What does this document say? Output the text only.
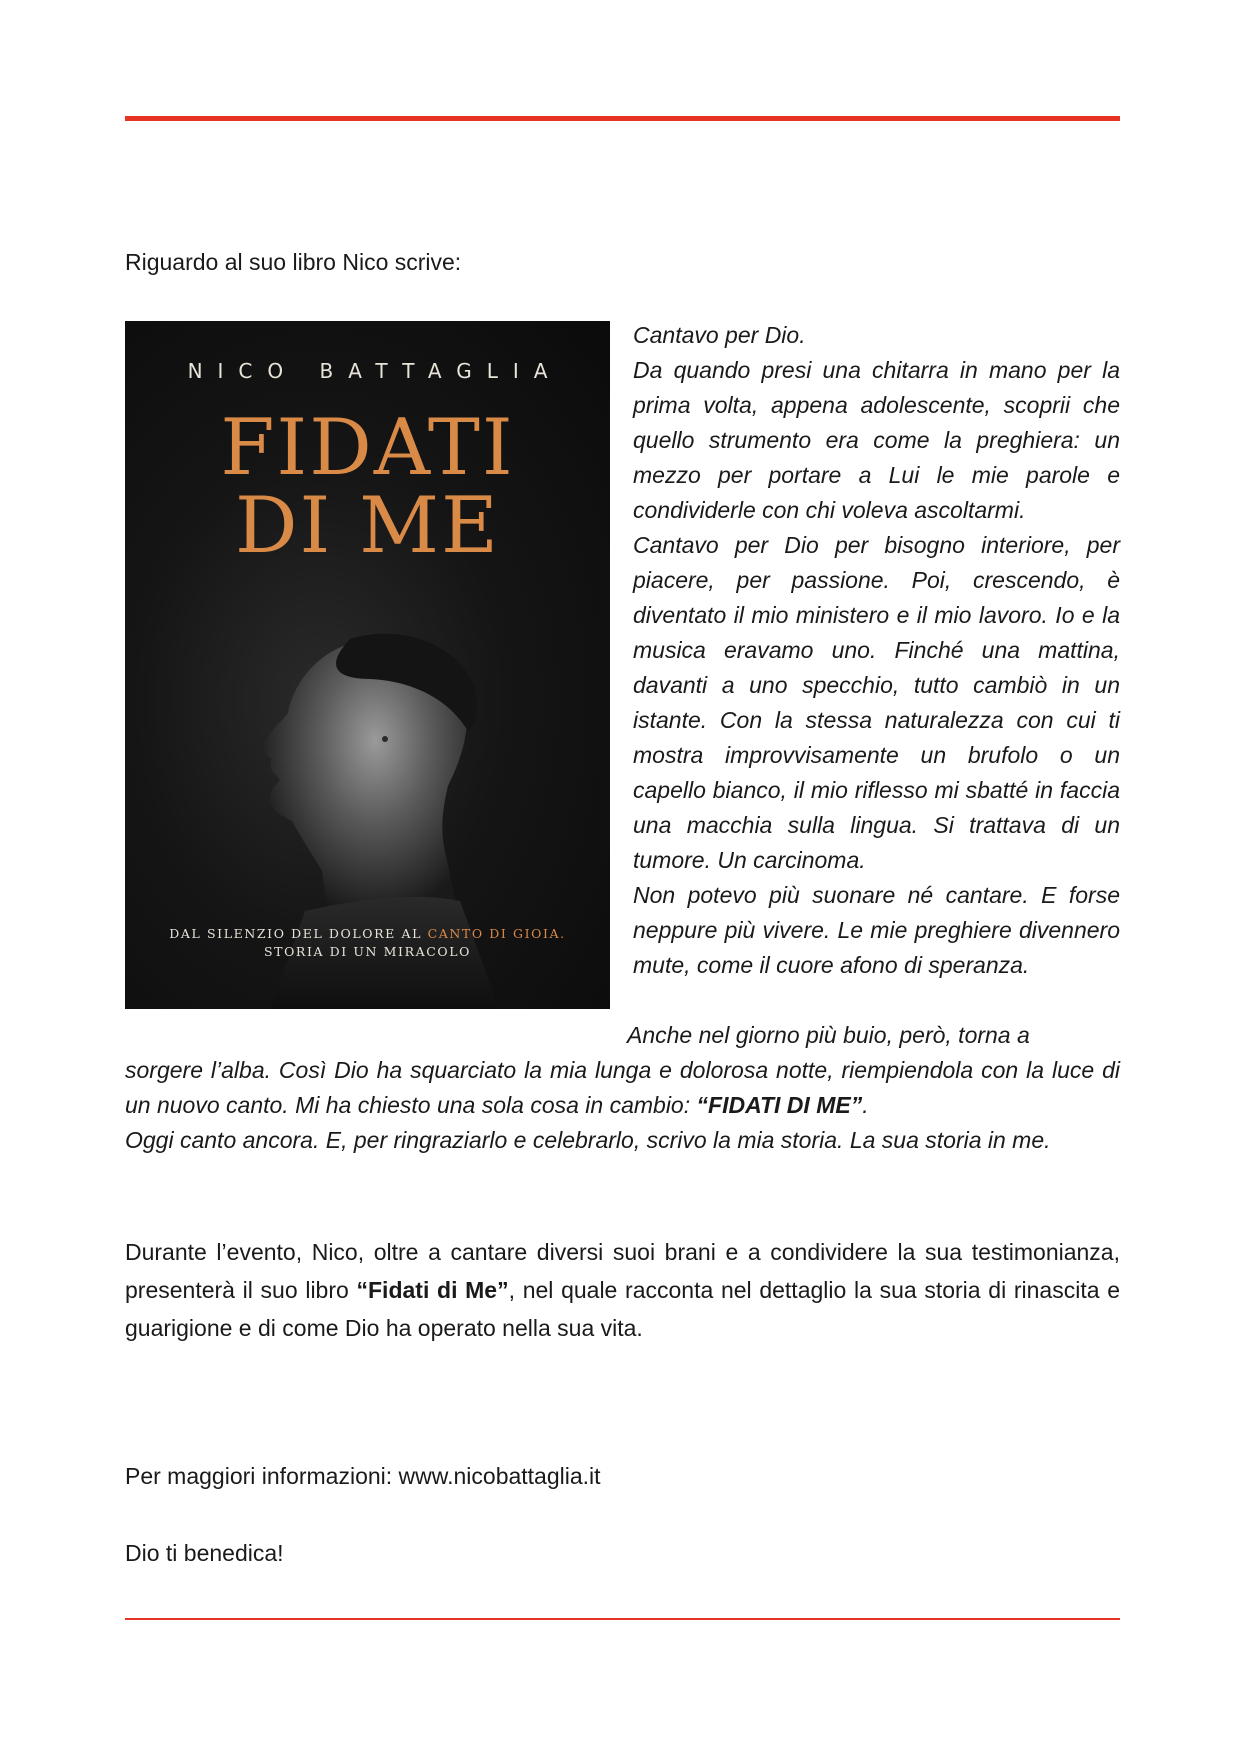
Riguardo al suo libro Nico scrive:

NICO BATTAGLIA
FIDATI
DI ME
DAL SILENZIO DEL DOLORE AL CANTO DI GIOIA.
STORIA DI UN MIRACOLO

Cantavo per Dio.

Da quando presi una chitarra in mano per la prima volta, appena adolescente, scoprii che quello strumento era come la preghiera: un mezzo per portare a Lui le mie parole e condividerle con chi voleva ascoltarmi.

Cantavo per Dio per bisogno interiore, per piacere, per passione. Poi, crescendo, è diventato il mio ministero e il mio lavoro. Io e la musica eravamo uno. Finché una mattina, davanti a uno specchio, tutto cambiò in un istante. Con la stessa naturalezza con cui ti mostra improvvisamente un brufolo o un capello bianco, il mio riflesso mi sbatté in faccia una macchia sulla lingua. Si trattava di un tumore. Un carcinoma.

Non potevo più suonare né cantare. E forse neppure più vivere. Le mie preghiere divennero mute, come il cuore afono di speranza.

Anche nel giorno più buio, però, torna a

sorgere l’alba. Così Dio ha squarciato la mia lunga e dolorosa notte, riempiendola con la luce di un nuovo canto. Mi ha chiesto una sola cosa in cambio: “FIDATI DI ME”.

Oggi canto ancora. E, per ringraziarlo e celebrarlo, scrivo la mia storia. La sua storia in me.

Durante l’evento, Nico, oltre a cantare diversi suoi brani e a condividere la sua testimonianza, presenterà il suo libro “Fidati di Me”, nel quale racconta nel dettaglio la sua storia di rinascita e guarigione e di come Dio ha operato nella sua vita.

Per maggiori informazioni: www.nicobattaglia.it

Dio ti benedica!
